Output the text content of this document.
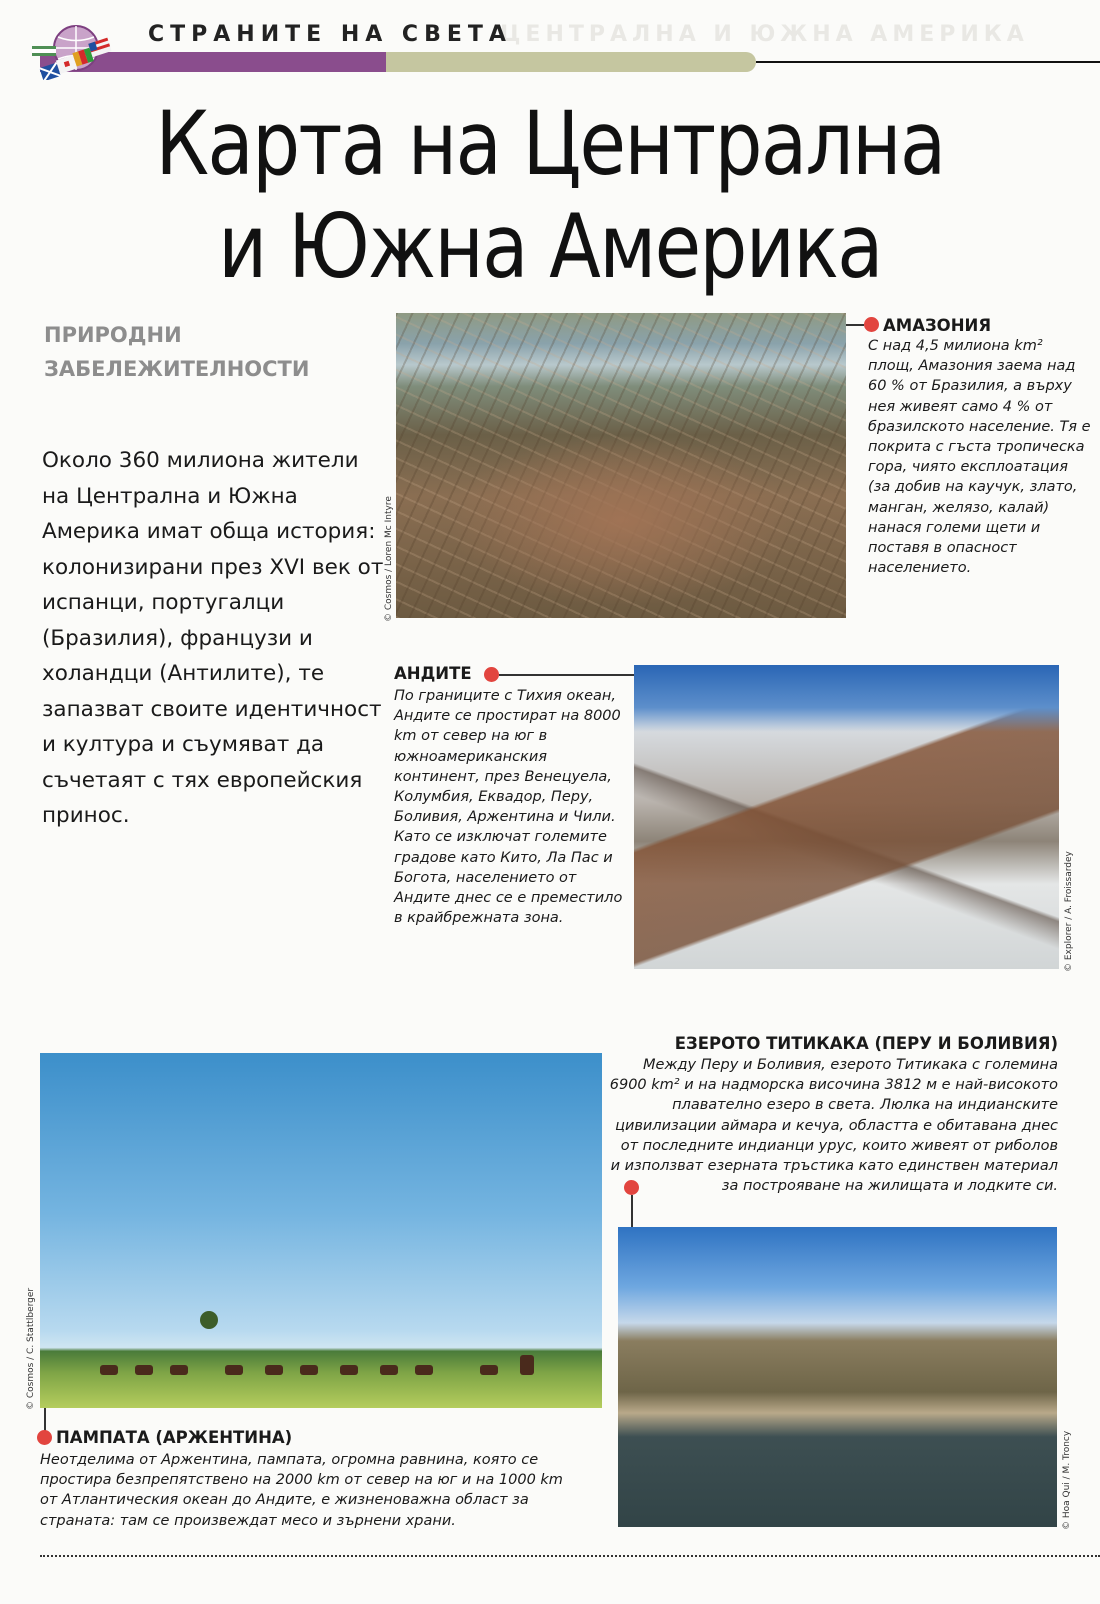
ЦЕНТРАЛНА И ЮЖНА АМЕРИКА
СТРАНИТЕ НА СВЕТА
Карта на Централна
и Южна Америка
ПРИРОДНИ
ЗАБЕЛЕЖИТЕЛНОСТИ

Около 360 милиона жители на Централна и Южна Америка имат обща история: колонизирани през XVI век от испанци, португалци (Бразилия), французи и холандци (Антилите), те запазват своите идентичност и култура и съумяват да съчетаят с тях европейския принос.

© Cosmos / Loren Mc Intyre
АМАЗОНИЯ
С над 4,5 милиона km² площ, Амазония заема над 60 % от Бразилия, а върху нея живеят само 4 % от бразилското население. Тя е покрита с гъста тропическа гора, чиято експлоатация (за добив на каучук, злато, манган, желязо, калай) нанася големи щети и поставя в опасност населението.
АНДИТЕ
По границите с Тихия океан, Андите се простират на 8000 km от север на юг в южноамериканския континент, през Венецуела, Колумбия, Еквадор, Перу, Боливия, Аржентина и Чили. Като се изключат големите градове като Кито, Ла Пас и Богота, населението от Андите днес се е преместило в крайбрежната зона.	© Explorer / A. Froissardey
ЕЗЕРОТО ТИТИКАКА (ПЕРУ И БОЛИВИЯ)
Между Перу и Боливия, езерото Титикака с големина 6900 km² и на надморска височина 3812 м е най-високото плавателно езеро в света. Люлка на индианските цивилизации аймара и кечуа, областта е обитавана днес от последните индианци урус, които живеят от риболов и използват езерната тръстика като единствен материал за построяване на жилищата и лодките си.
© Hoa Qui / M. Troncy
© Cosmos / C. Stattlberger
ПАМПАТА (АРЖЕНТИНА)
Неотделима от Аржентина, пампата, огромна равнина, която се простира безпрепятствено на 2000 km от север на юг и на 1000 km от Атлантическия океан до Андите, е жизненоважна област за страната: там се произвеждат месо и зърнени храни.
